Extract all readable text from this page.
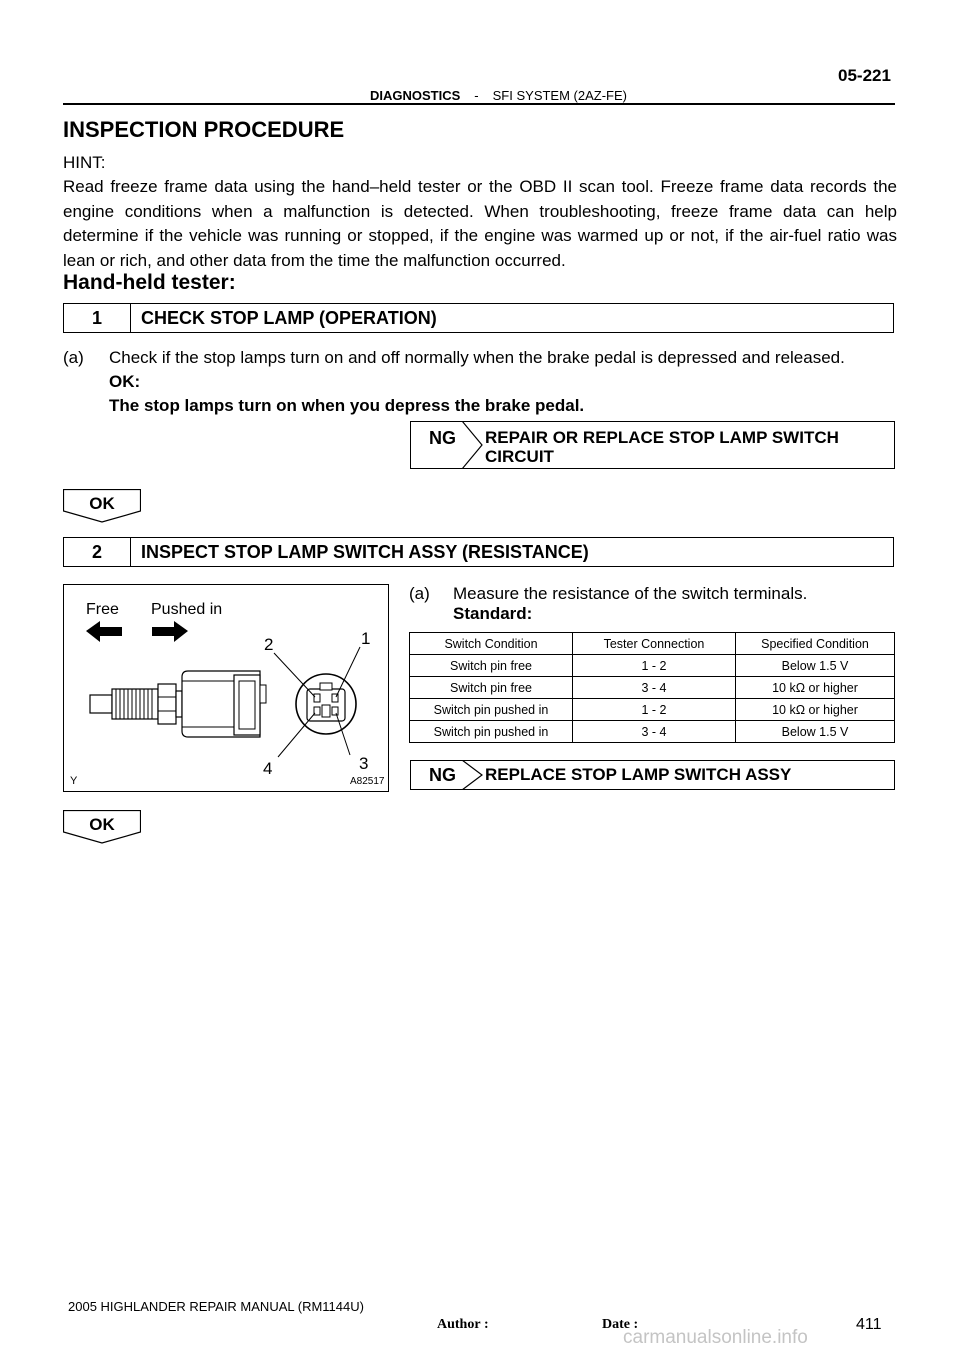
05-221
DIAGNOSTICS - SFI SYSTEM (2AZ-FE)
INSPECTION PROCEDURE
HINT:
Read freeze frame data using the hand–held tester or the OBD II scan tool. Freeze frame data records the engine conditions when a malfunction is detected. When troubleshooting, freeze frame data can help determine if the vehicle was running or stopped, if the engine was warmed up or not, if the air-fuel ratio was lean or rich, and other data from the time the malfunction occurred.
Hand-held tester:
1	CHECK STOP LAMP (OPERATION)
(a) Check if the stop lamps turn on and off normally when the brake pedal is depressed and released.
OK:
The stop lamps turn on when you depress the brake pedal.
NG REPAIR OR REPLACE STOP LAMP SWITCH
CIRCUIT
OK
2	INSPECT STOP LAMP SWITCH ASSY (RESISTANCE)
Free Pushed in
1
2
3
4
Y	A82517
(a) Measure the resistance of the switch terminals.
Standard:
Switch Condition	Tester Connection	Specified Condition
Switch pin free	1 - 2	Below 1.5 V
Switch pin free	3 - 4	10 kΩ or higher
Switch pin pushed in	1 - 2	10 kΩ or higher
Switch pin pushed in	3 - 4	Below 1.5 V
NG REPLACE STOP LAMP SWITCH ASSY
OK
2005 HIGHLANDER REPAIR MANUAL (RM1144U)
Author :	Date :	411
carmanualsonline.info
